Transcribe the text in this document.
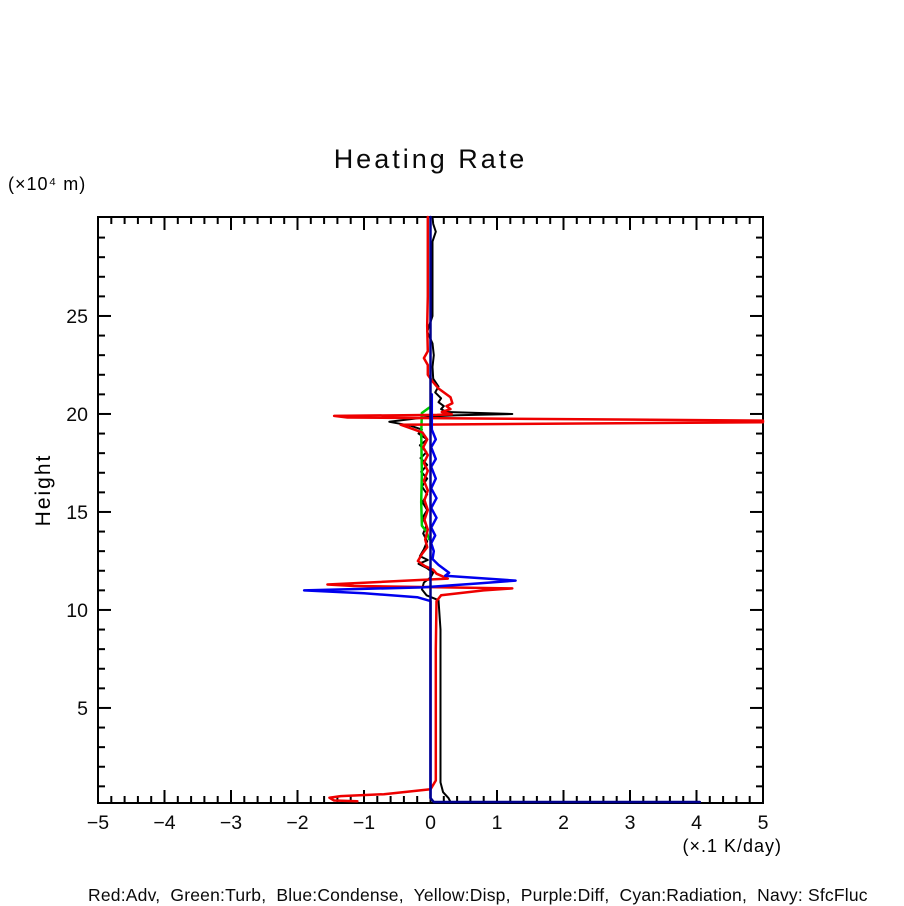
Heating Rate
(×10⁴ m)
Height
(×.1 K/day)
−5 −4 −3 −2 −1	0	1	2	3	4	5
5
10
15
20
25
Red:Adv,  Green:Turb,  Blue:Condense,  Yellow:Disp,  Purple:Diff,  Cyan:Radiation,  Navy: SfcFluc
